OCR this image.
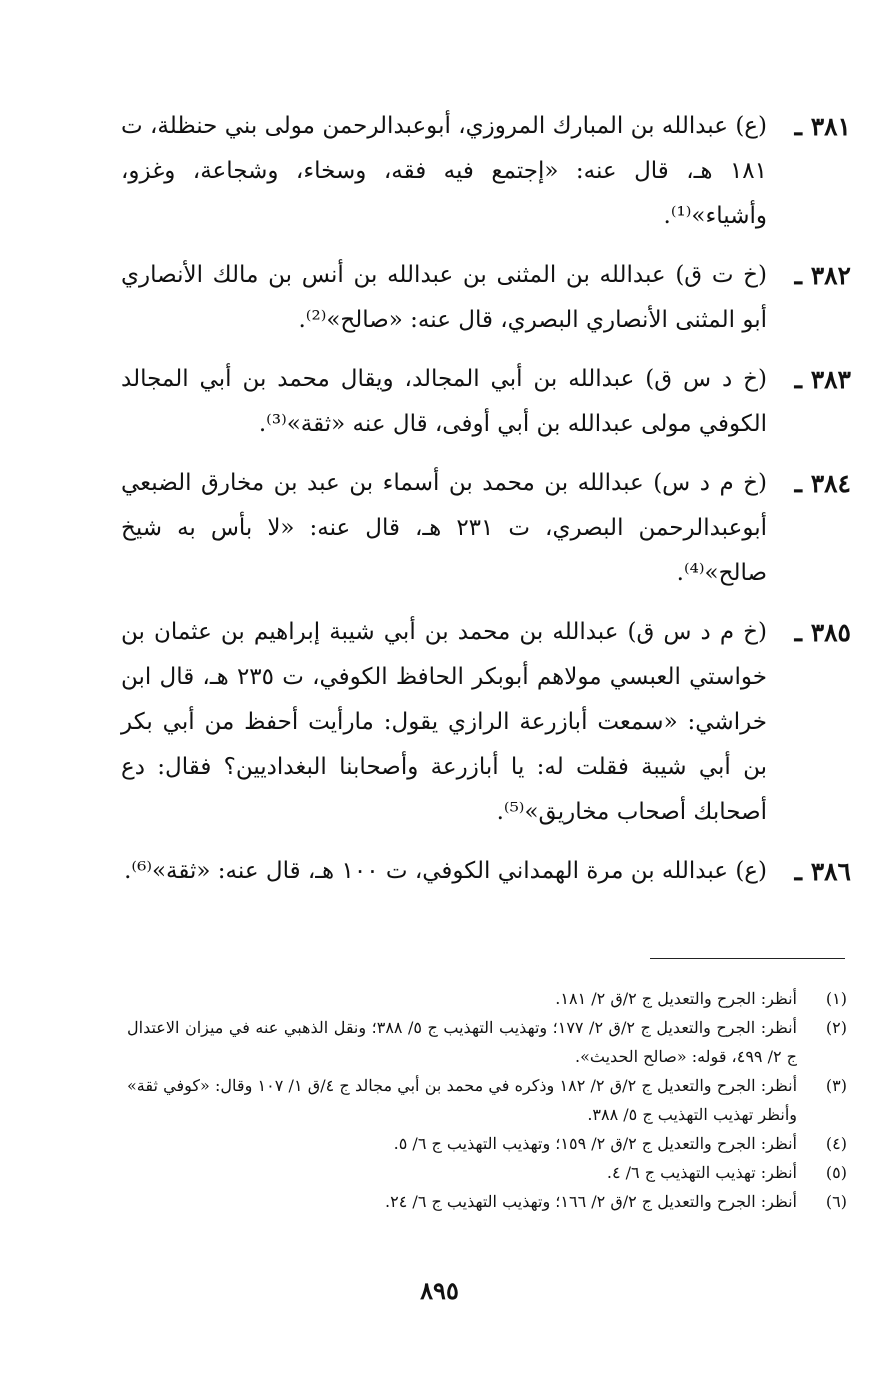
٣٨١ ـ
(ع) عبدالله بن المبارك المروزي، أبوعبدالرحمن مولى بني حنظلة، ت ١٨١ هـ، قال عنه: «إجتمع فيه فقه، وسخاء، وشجاعة، وغزو، وأشياء»⁽¹⁾.
٣٨٢ ـ
(خ ت ق) عبدالله بن المثنى بن عبدالله بن أنس بن مالك الأنصاري أبو المثنى الأنصاري البصري، قال عنه: «صالح»⁽²⁾.
٣٨٣ ـ
(خ د س ق) عبدالله بن أبي المجالد، ويقال محمد بن أبي المجالد الكوفي مولى عبدالله بن أبي أوفى، قال عنه «ثقة»⁽³⁾.
٣٨٤ ـ
(خ م د س) عبدالله بن محمد بن أسماء بن عبد بن مخارق الضبعي أبوعبدالرحمن البصري، ت ٢٣١ هـ، قال عنه: «لا بأس به شيخ صالح»⁽⁴⁾.
٣٨٥ ـ
(خ م د س ق) عبدالله بن محمد بن أبي شيبة إبراهيم بن عثمان بن خواستي العبسي مولاهم أبوبكر الحافظ الكوفي، ت ٢٣٥ هـ، قال ابن خراشي: «سمعت أبازرعة الرازي يقول: مارأيت أحفظ من أبي بكر بن أبي شيبة فقلت له: يا أبازرعة وأصحابنا البغداديين؟ فقال: دع أصحابك أصحاب مخاريق»⁽⁵⁾.
٣٨٦ ـ
(ع) عبدالله بن مرة الهمداني الكوفي، ت ١٠٠ هـ، قال عنه: «ثقة»⁽⁶⁾.
(١)
أنظر: الجرح والتعديل ج ٢/ق ٢/ ١٨١.
(٢)
أنظر: الجرح والتعديل ج ٢/ق ٢/ ١٧٧؛ وتهذيب التهذيب ج ٥/ ٣٨٨؛ ونقل الذهبي عنه في ميزان الاعتدال ج ٢/ ٤٩٩، قوله: «صالح الحديث».
(٣)
أنظر: الجرح والتعديل ج ٢/ق ٢/ ١٨٢ وذكره في محمد بن أبي مجالد ج ٤/ق ١/ ١٠٧ وقال: «كوفي ثقة» وأنظر تهذيب التهذيب ج ٥/ ٣٨٨.
(٤)
أنظر: الجرح والتعديل ج ٢/ق ٢/ ١٥٩؛ وتهذيب التهذيب ج ٦/ ٥.
(٥)
أنظر: تهذيب التهذيب ج ٦/ ٤.
(٦)
أنظر: الجرح والتعديل ج ٢/ق ٢/ ١٦٦؛ وتهذيب التهذيب ج ٦/ ٢٤.
٨٩٥
